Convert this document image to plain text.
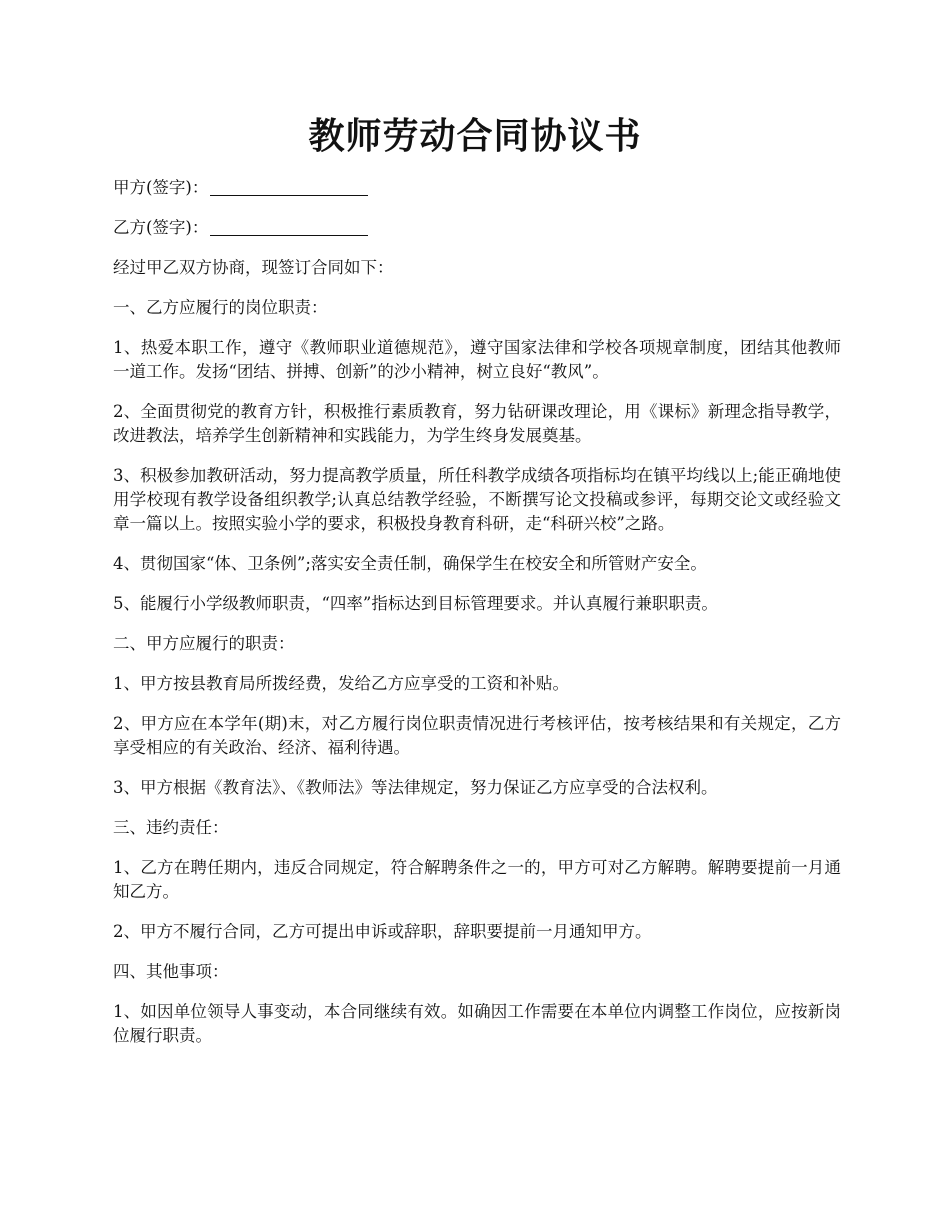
教师劳动合同协议书

甲方(签字)：

乙方(签字)：

经过甲乙双方协商，现签订合同如下：

一、乙方应履行的岗位职责：

1、热爱本职工作，遵守《教师职业道德规范》，遵守国家法律和学校各项规章制度，团结其他教师一道工作。发扬“团结、拼搏、创新”的沙小精神，树立良好“教风”。

2、全面贯彻党的教育方针，积极推行素质教育，努力钻研课改理论，用《课标》新理念指导教学，改进教法，培养学生创新精神和实践能力，为学生终身发展奠基。

3、积极参加教研活动，努力提高教学质量，所任科教学成绩各项指标均在镇平均线以上;能正确地使用学校现有教学设备组织教学;认真总结教学经验，不断撰写论文投稿或参评，每期交论文或经验文章一篇以上。按照实验小学的要求，积极投身教育科研，走“科研兴校”之路。

4、贯彻国家“体、卫条例”;落实安全责任制，确保学生在校安全和所管财产安全。

5、能履行小学级教师职责，“四率”指标达到目标管理要求。并认真履行兼职职责。

二、甲方应履行的职责：

1、甲方按县教育局所拨经费，发给乙方应享受的工资和补贴。

2、甲方应在本学年(期)末，对乙方履行岗位职责情况进行考核评估，按考核结果和有关规定，乙方享受相应的有关政治、经济、福利待遇。

3、甲方根据《教育法》、《教师法》等法律规定，努力保证乙方应享受的合法权利。

三、违约责任：

1、乙方在聘任期内，违反合同规定，符合解聘条件之一的，甲方可对乙方解聘。解聘要提前一月通知乙方。

2、甲方不履行合同，乙方可提出申诉或辞职，辞职要提前一月通知甲方。

四、其他事项：

1、如因单位领导人事变动，本合同继续有效。如确因工作需要在本单位内调整工作岗位，应按新岗位履行职责。
